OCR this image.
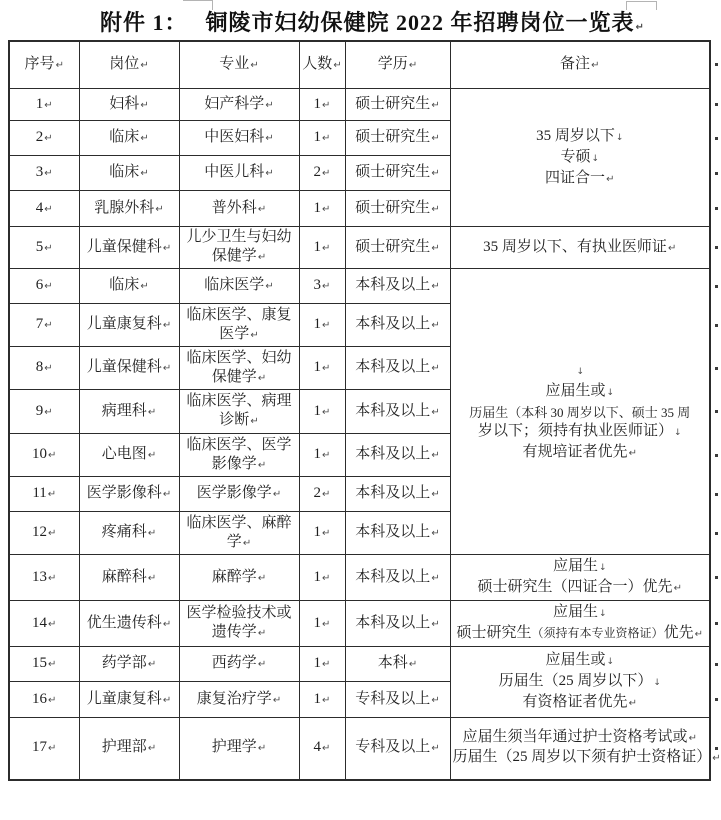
附件 1： 铜陵市妇幼保健院 2022 年招聘岗位一览表↵
序号↵	岗位↵	专业↵	人数↵	学历↵	备注↵
1↵	妇科↵	妇产科学↵	1↵	硕士研究生↵	35 周岁以下↓
专硕↓
四证合一↵

2↵	临床↵	中医妇科↵	1↵	硕士研究生↵	
3↵	临床↵	中医儿科↵	2↵	硕士研究生↵	
4↵	乳腺外科↵	普外科↵	1↵	硕士研究生↵	
5↵	儿童保健科↵	儿少卫生与妇幼
保健学↵	1↵	硕士研究生↵	35 周岁以下、有执业医师证↵

6↵	临床↵	临床医学↵	3↵	本科及以上↵	↓
应届生或↓
历届生（本科 30 周岁以下、硕士 35 周
岁以下；须持有执业医师证）↓
有规培证者优先↵

7↵	儿童康复科↵	临床医学、康复
医学↵	1↵	本科及以上↵	
8↵	儿童保健科↵	临床医学、妇幼
保健学↵	1↵	本科及以上↵	
9↵	病理科↵	临床医学、病理
诊断↵	1↵	本科及以上↵	
10↵	心电图↵	临床医学、医学
影像学↵	1↵	本科及以上↵	
11↵	医学影像科↵	医学影像学↵	2↵	本科及以上↵	
12↵	疼痛科↵	临床医学、麻醉
学↵	1↵	本科及以上↵	
13↵	麻醉科↵	麻醉学↵	1↵	本科及以上↵	应届生↓
硕士研究生（四证合一）优先↵

14↵	优生遗传科↵	医学检验技术或
遗传学↵	1↵	本科及以上↵	
应届生↓
硕士研究生（须持有本专业资格证）优先↵

15↵	药学部↵	西药学↵	1↵	本科↵	应届生或↓
历届生（25 周岁以下）↓
有资格证者优先↵

16↵	儿童康复科↵	康复治疗学↵	1↵	专科及以上↵	
17↵	护理部↵	护理学↵	4↵	专科及以上↵	应届生须当年通过护士资格考试或↵
历届生（25 周岁以下须有护士资格证）↵
